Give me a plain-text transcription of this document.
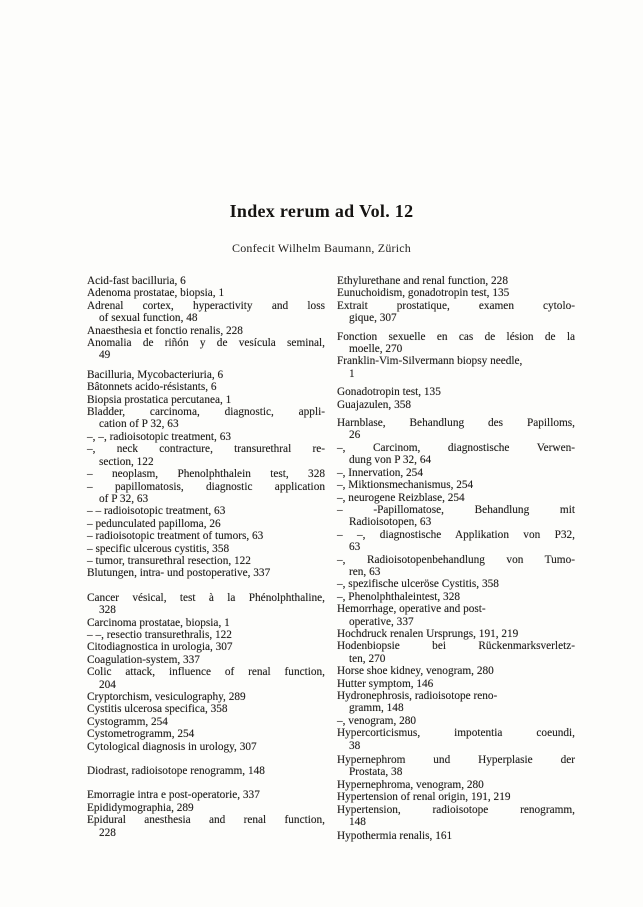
Index rerum ad Vol. 12
Confecit Wilhelm Baumann, Zürich
Acid-fast bacilluria, 6
Adenoma prostatae, biopsia, 1
Adrenal cortex, hyperactivity and loss
of sexual function, 48
Anaesthesia et fonctio renalis, 228
Anomalia de riñón y de vesícula seminal,
49
Bacilluria, Mycobacteriuria, 6
Bâtonnets acido-résistants, 6
Biopsia prostatica percutanea, 1
Bladder, carcinoma, diagnostic, appli-
cation of P 32, 63
–, –, radioisotopic treatment, 63
–, neck contracture, transurethral re-
section, 122
– neoplasm, Phenolphthalein test, 328
– papillomatosis, diagnostic application
of P 32, 63
– – radioisotopic treatment, 63
– pedunculated papilloma, 26
– radioisotopic treatment of tumors, 63
– specific ulcerous cystitis, 358
– tumor, transurethral resection, 122
Blutungen, intra- und postoperative, 337
Cancer vésical, test à la Phénolphthaline,
328
Carcinoma prostatae, biopsia, 1
– –, resectio transurethralis, 122
Citodiagnostica in urologia, 307
Coagulation-system, 337
Colic attack, influence of renal function,
204
Cryptorchism, vesiculography, 289
Cystitis ulcerosa specifica, 358
Cystogramm, 254
Cystometrogramm, 254
Cytological diagnosis in urology, 307
Diodrast, radioisotope renogramm, 148
Emorragie intra e post-operatorie, 337
Epididymographia, 289
Epidural anesthesia and renal function,
228
Ethylurethane and renal function, 228
Eunuchoidism, gonadotropin test, 135
Extrait prostatique, examen cytolo-
gique, 307
Fonction sexuelle en cas de lésion de la
moelle, 270
Franklin-Vim-Silvermann biopsy needle,
1
Gonadotropin test, 135
Guajazulen, 358
Harnblase, Behandlung des Papilloms,
26
–, Carcinom, diagnostische Verwen-
dung von P 32, 64
–, Innervation, 254
–, Miktionsmechanismus, 254
–, neurogene Reizblase, 254
– -Papillomatose, Behandlung mit
Radioisotopen, 63
– –, diagnostische Applikation von P32,
63
–, Radioisotopenbehandlung von Tumo-
ren, 63
–, spezifische ulceröse Cystitis, 358
–, Phenolphthaleintest, 328
Hemorrhage, operative and post-
operative, 337
Hochdruck renalen Ursprungs, 191, 219
Hodenbiopsie bei Rückenmarksverletz-
ten, 270
Horse shoe kidney, venogram, 280
Hutter symptom, 146
Hydronephrosis, radioisotope reno-
gramm, 148
–, venogram, 280
Hypercorticismus, impotentia coeundi,
38
Hypernephrom und Hyperplasie der
Prostata, 38
Hypernephroma, venogram, 280
Hypertension of renal origin, 191, 219
Hypertension, radioisotope renogramm,
148
Hypothermia renalis, 161
